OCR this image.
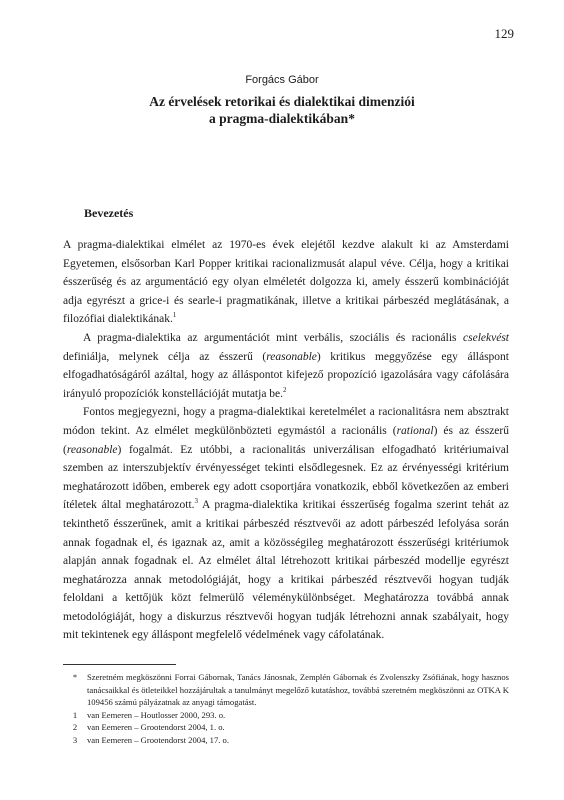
129
Forgács Gábor
Az érvelések retorikai és dialektikai dimenziói
a pragma-dialektikában*
Bevezetés

A pragma-dialektikai elmélet az 1970-es évek elejétől kezdve alakult ki az Amsterdami Egyetemen, elsősorban Karl Popper kritikai racionalizmusát alapul véve. Célja, hogy a kritikai ésszerűség és az argumentáció egy olyan elméletét dolgozza ki, amely ésszerű kombinációját adja egyrészt a grice-i és searle-i pragmatikának, illetve a kritikai párbeszéd meglátásának, a filozófiai dialektikának.$^1$

A pragma-dialektika az argumentációt mint verbális, szociális és racionális cselekvést definiálja, melynek célja az ésszerű (reasonable) kritikus meggyőzése egy álláspont elfogadhatóságáról azáltal, hogy az álláspontot kifejező propozíció igazolására vagy cáfolására irányuló propozíciók konstellációját mutatja be.$^2$

Fontos megjegyezni, hogy a pragma-dialektikai keretelmélet a racionalitásra nem absztrakt módon tekint. Az elmélet megkülönbözteti egymástól a racionális (rational) és az ésszerű (reasonable) fogalmát. Ez utóbbi, a racionalitás univerzálisan elfogadható kritériumaival szemben az interszubjektív érvényességet tekinti elsődlegesnek. Ez az érvényességi kritérium meghatározott időben, emberek egy adott csoportjára vonatkozik, ebből következően az emberi ítéletek által meghatározott.$^3$ A pragma-dialektika kritikai ésszerűség fogalma szerint tehát az tekinthető ésszerűnek, amit a kritikai párbeszéd résztvevői az adott párbeszéd lefolyása során annak fogadnak el, és igaznak az, amit a közösségileg meghatározott ésszerűségi kritériumok alapján annak fogadnak el. Az elmélet által létrehozott kritikai párbeszéd modellje egyrészt meghatározza annak metodológiáját, hogy a kritikai párbeszéd résztvevői hogyan tudják feloldani a kettőjük közt felmerülő véleménykülönbséget. Meghatározza továbbá annak metodológiáját, hogy a diskurzus résztvevői hogyan tudják létrehozni annak szabályait, hogy mit tekintenek egy álláspont megfelelő védelmének vagy cáfolatának.

*	Szeretném megköszönni Forrai Gábornak, Tanács Jánosnak, Zemplén Gábornak és Zvolenszky Zsófiának, hogy hasznos tanácsaikkal és ötleteikkel hozzájárultak a tanulmányt megelőző kutatáshoz, továbbá szeretném megköszönni az OTKA K 109456 számú pályázatnak az anyagi támogatást.
1	van Eemeren – Houtlosser 2000, 293. o.
2	van Eemeren – Grootendorst 2004, 1. o.
3	van Eemeren – Grootendorst 2004, 17. o.
